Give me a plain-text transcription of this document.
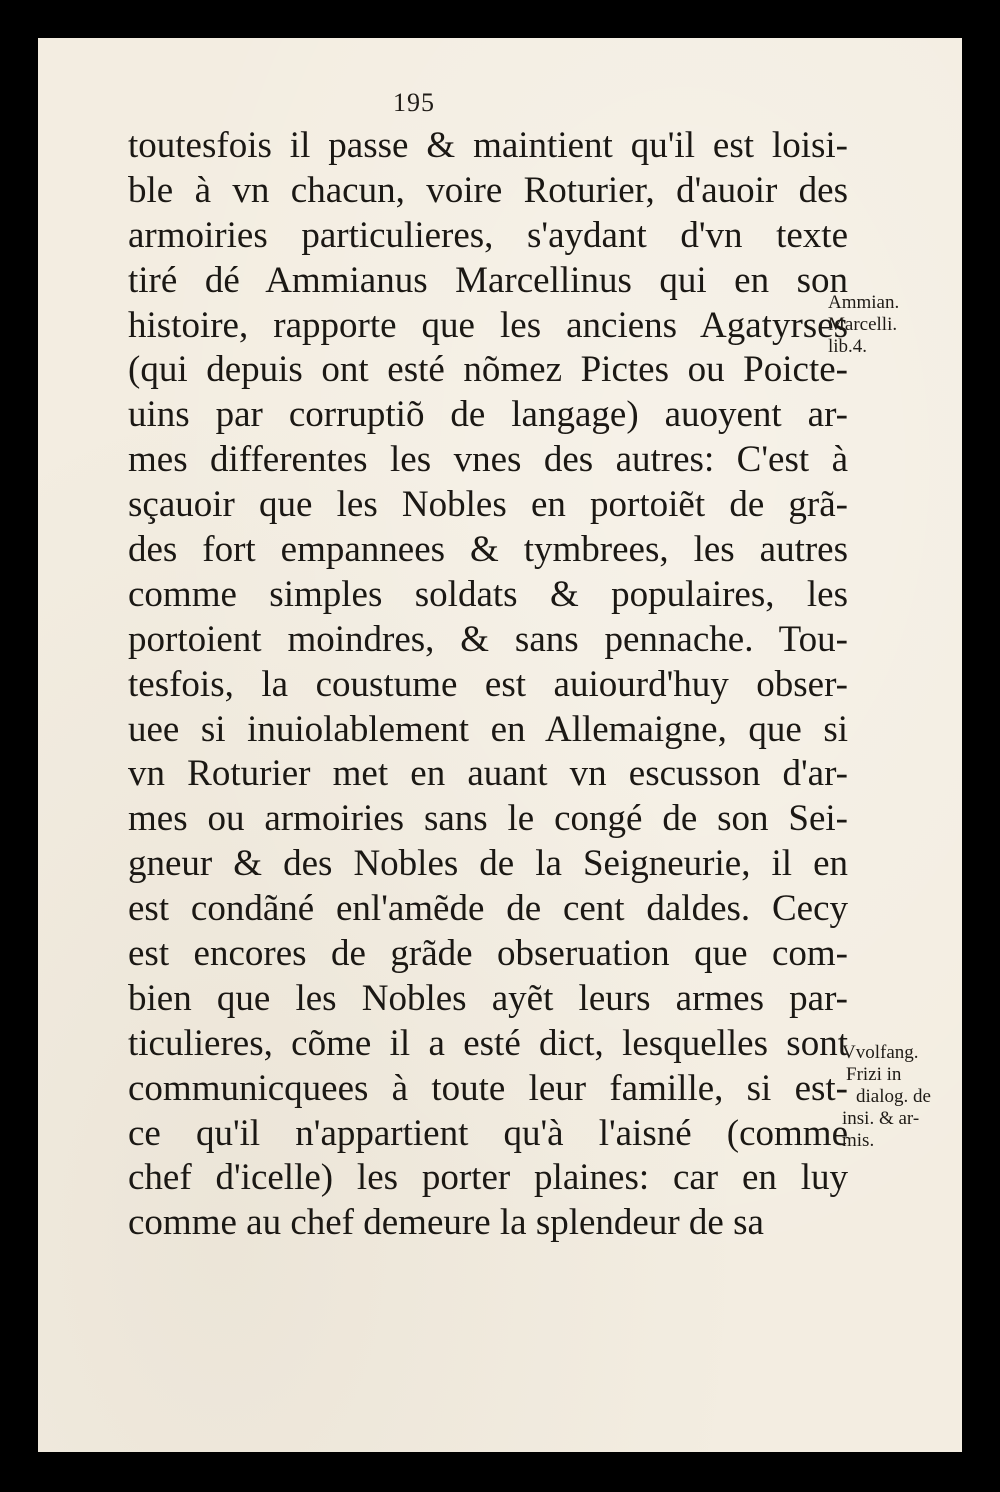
195
toutesfois il passe & maintient qu'il est loisi-
ble à vn chacun, voire Roturier, d'auoir des
armoiries particulieres, s'aydant d'vn texte
tiré dé Ammianus Marcellinus qui en son
histoire, rapporte que les anciens Agatyrses
(qui depuis ont esté nõmez Pictes ou Poicte-
uins par corruptiõ de langage) auoyent ar-
mes differentes les vnes des autres: C'est à
sçauoir que les Nobles en portoiẽt de grã-
des fort empannees & tymbrees, les autres
comme simples soldats & populaires, les
portoient moindres, & sans pennache. Tou-
tesfois, la coustume est auiourd'huy obser-
uee si inuiolablement en Allemaigne, que si
vn Roturier met en auant vn escusson d'ar-
mes ou armoiries sans le congé de son Sei-
gneur & des Nobles de la Seigneurie, il en
est condãné enl'amẽde de cent daldes. Cecy
est encores de grãde obseruation que com-
bien que les Nobles ayẽt leurs armes par-
ticulieres, cõme il a esté dict, lesquelles sont
communicquees à toute leur famille, si est-
ce qu'il n'appartient qu'à l'aisné (comme
chef d'icelle) les porter plaines: car en luy
comme au chef demeure la splendeur de sa
Ammian.
Marcelli.
lib.4.
Vvolfang.
Frizi in
dialog. de
insi. & ar-
mis.
